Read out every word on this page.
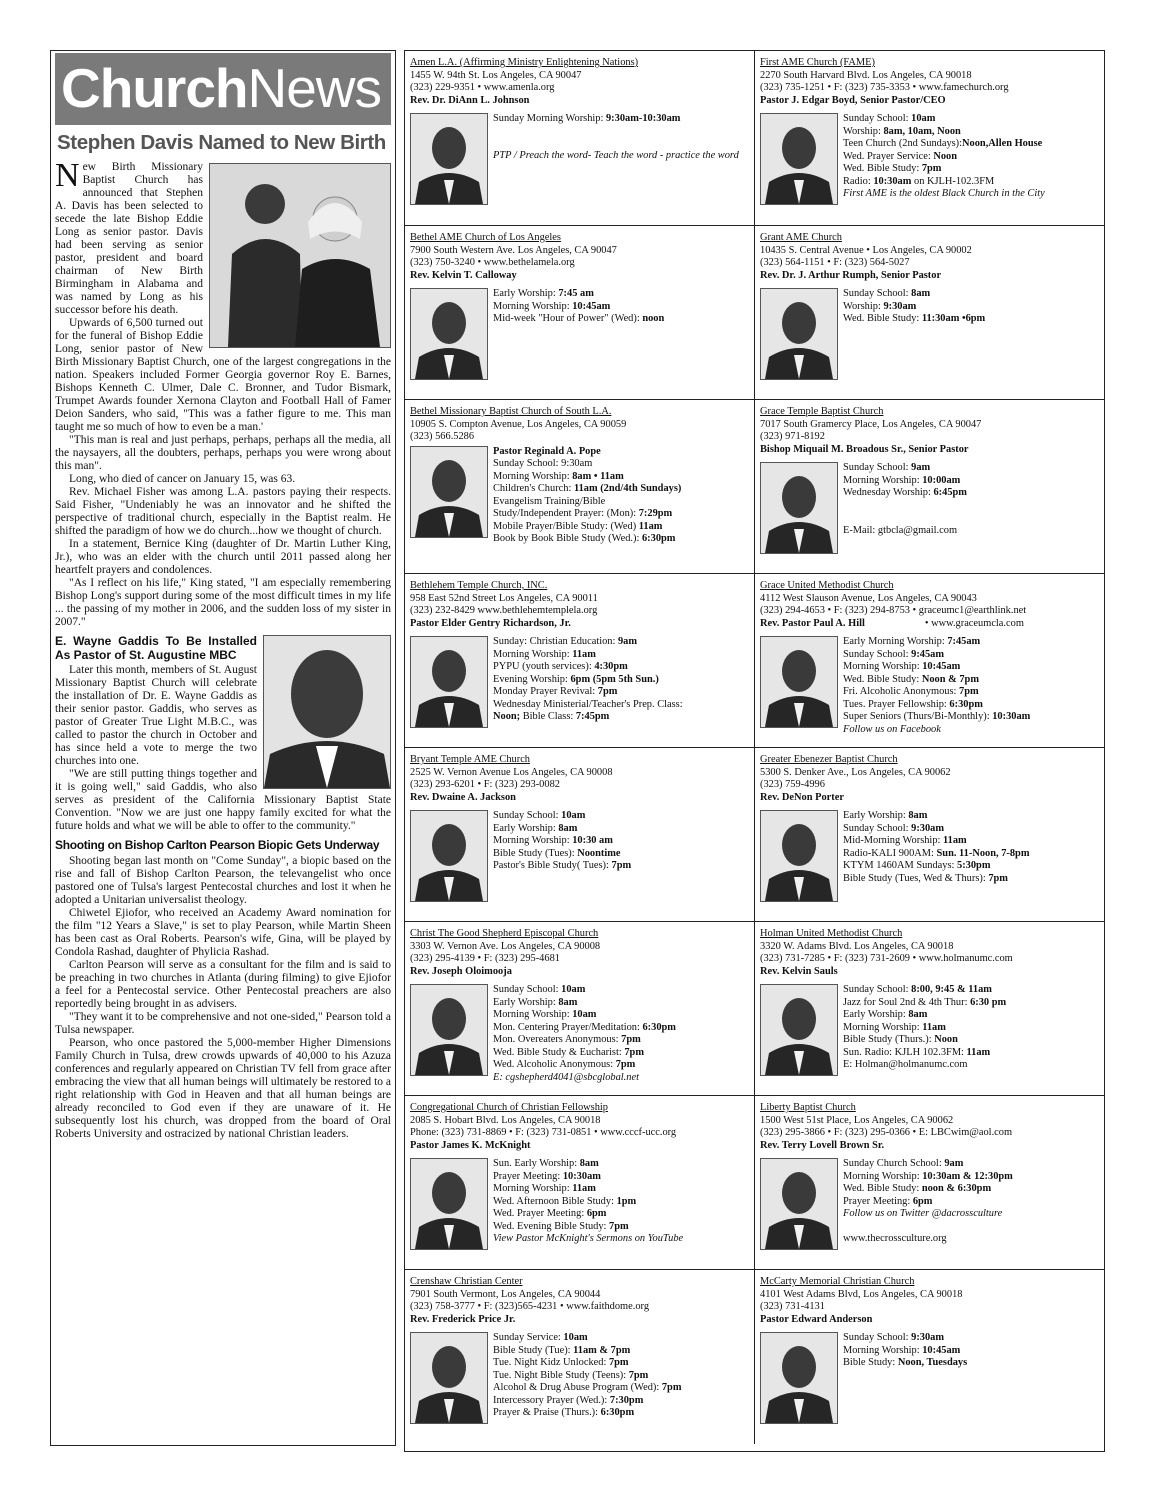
ChurchNews
Stephen Davis Named to New Birth

New Birth Missionary Baptist Church has announced that Stephen A. Davis has been selected to secede the late Bishop Eddie Long as senior pastor. Davis had been serving as senior pastor, president and board chairman of New Birth Birmingham in Alabama and was named by Long as his successor before his death.

Upwards of 6,500 turned out for the funeral of Bishop Eddie Long, senior pastor of New Birth Missionary Baptist Church, one of the largest congregations in the nation. Speakers included Former Georgia governor Roy E. Barnes, Bishops Kenneth C. Ulmer, Dale C. Bronner, and Tudor Bismark, Trumpet Awards founder Xernona Clayton and Football Hall of Famer Deion Sanders, who said, "This was a father figure to me. This man taught me so much of how to even be a man.'

"This man is real and just perhaps, perhaps, perhaps all the media, all the naysayers, all the doubters, perhaps, perhaps you were wrong about this man".

Long, who died of cancer on January 15, was 63.

Rev. Michael Fisher was among L.A. pastors paying their respects. Said Fisher, "Undeniably he was an innovator and he shifted the perspective of traditional church, especially in the Baptist realm. He shifted the paradigm of how we do church...how we thought of church.

In a statement, Bernice King (daughter of Dr. Martin Luther King, Jr.), who was an elder with the church until 2011 passed along her heartfelt prayers and condolences.

"As I reflect on his life," King stated, "I am especially remembering Bishop Long's support during some of the most difficult times in my life ... the passing of my mother in 2006, and the sudden loss of my sister in 2007."

E. Wayne Gaddis To Be Installed As Pastor of St. Augustine MBC

Later this month, members of St. August Missionary Baptist Church will celebrate the installation of Dr. E. Wayne Gaddis as their senior pastor. Gaddis, who serves as pastor of Greater True Light M.B.C., was called to pastor the church in October and has since held a vote to merge the two churches into one.

"We are still putting things together and it is going well," said Gaddis, who also serves as president of the California Missionary Baptist State Convention. "Now we are just one happy family excited for what the future holds and what we will be able to offer to the community."

Shooting on Bishop Carlton Pearson Biopic Gets Underway

Shooting began last month on "Come Sunday", a biopic based on the rise and fall of Bishop Carlton Pearson, the televangelist who once pastored one of Tulsa's largest Pentecostal churches and lost it when he adopted a Unitarian universalist theology.

Chiwetel Ejiofor, who received an Academy Award nomination for the film "12 Years a Slave," is set to play Pearson, while Martin Sheen has been cast as Oral Roberts. Pearson's wife, Gina, will be played by Condola Rashad, daughter of Phylicia Rashad.

Carlton Pearson will serve as a consultant for the film and is said to be preaching in two churches in Atlanta (during filming) to give Ejiofor a feel for a Pentecostal service. Other Pentecostal preachers are also reportedly being brought in as advisers.

"They want it to be comprehensive and not one-sided," Pearson told a Tulsa newspaper.

Pearson, who once pastored the 5,000-member Higher Dimensions Family Church in Tulsa, drew crowds upwards of 40,000 to his Azuza conferences and regularly appeared on Christian TV fell from grace after embracing the view that all human beings will ultimately be restored to a right relationship with God in Heaven and that all human beings are already reconciled to God even if they are unaware of it. He subsequently lost his church, was dropped from the board of Oral Roberts University and ostracized by national Christian leaders.

Amen L.A. (Affirming Ministry Enlightening Nations)
1455 W. 94th St. Los Angeles, CA 90047
(323) 229-9351 • www.amenla.org
Rev. Dr. DiAnn L. Johnson
Sunday Morning Worship: 9:30am-10:30am

PTP / Preach the word- Teach the word - practice the word
First AME Church (FAME)
2270 South Harvard Blvd. Los Angeles, CA 90018
(323) 735-1251 • F: (323) 735-3353 • www.famechurch.org
Pastor J. Edgar Boyd, Senior Pastor/CEO
Sunday School: 10am
Worship: 8am, 10am, Noon
Teen Church (2nd Sundays):Noon,Allen House
Wed. Prayer Service: Noon
Wed. Bible Study: 7pm
Radio: 10:30am on KJLH-102.3FM
First AME is the oldest Black Church in the City
Bethel AME Church of Los Angeles
7900 South Western Ave. Los Angeles, CA 90047
(323) 750-3240 • www.bethelamela.org
Rev. Kelvin T. Calloway
Early Worship: 7:45 am
Morning Worship: 10:45am
Mid-week "Hour of Power" (Wed): noon
Grant AME Church
10435 S. Central Avenue • Los Angeles, CA 90002
(323) 564-1151 • F: (323) 564-5027
Rev. Dr. J. Arthur Rumph, Senior Pastor
Sunday School: 8am
Worship: 9:30am
Wed. Bible Study: 11:30am •6pm
Bethel Missionary Baptist Church of South L.A.
10905 S. Compton Avenue, Los Angeles, CA 90059
(323) 566.5286
Pastor Reginald A. Pope
Sunday School: 9:30am
Morning Worship: 8am • 11am
Children's Church: 11am (2nd/4th Sundays)
Evangelism Training/Bible
Study/Independent Prayer: (Mon): 7:29pm
Mobile Prayer/Bible Study: (Wed) 11am
Book by Book Bible Study (Wed.): 6:30pm
Grace Temple Baptist Church
7017 South Gramercy Place, Los Angeles, CA 90047
(323) 971-8192
Bishop Miquail M. Broadous Sr., Senior Pastor
Sunday School: 9am
Morning Worship: 10:00am
Wednesday Worship: 6:45pm

E-Mail: gtbcla@gmail.com
Bethlehem Temple Church, INC.
958 East 52nd Street Los Angeles, CA 90011
(323) 232-8429 www.bethlehemtemplela.org
Pastor Elder Gentry Richardson, Jr.
Sunday: Christian Education: 9am
Morning Worship: 11am
PYPU (youth services): 4:30pm
Evening Worship: 6pm (5pm 5th Sun.)
Monday Prayer Revival: 7pm
Wednesday Ministerial/Teacher's Prep. Class:
Noon; Bible Class: 7:45pm
Grace United Methodist Church
4112 West Slauson Avenue, Los Angeles, CA 90043
(323) 294-4653 • F: (323) 294-8753 • graceumc1@earthlink.net
Rev. Pastor Paul A. Hill	• www.graceumcla.com
Early Morning Worship: 7:45am
Sunday School: 9:45am
Morning Worship: 10:45am
Wed. Bible Study: Noon & 7pm
Fri. Alcoholic Anonymous: 7pm
Tues. Prayer Fellowship: 6:30pm
Super Seniors (Thurs/Bi-Monthly): 10:30am
Follow us on Facebook
Bryant Temple AME Church
2525 W. Vernon Avenue Los Angeles, CA 90008
(323) 293-6201 • F: (323) 293-0082
Rev. Dwaine A. Jackson
Sunday School: 10am
Early Worship: 8am
Morning Worship: 10:30 am
Bible Study (Tues): Noontime
Pastor's Bible Study( Tues): 7pm
Greater Ebenezer Baptist Church
5300 S. Denker Ave., Los Angeles, CA 90062
(323) 759-4996
Rev. DeNon Porter
Early Worship: 8am
Sunday School: 9:30am
Mid-Morning Worship: 11am
Radio-KALI 900AM: Sun. 11-Noon, 7-8pm
KTYM 1460AM Sundays: 5:30pm
Bible Study (Tues, Wed & Thurs): 7pm
Christ The Good Shepherd Episcopal Church
3303 W. Vernon Ave. Los Angeles, CA 90008
(323) 295-4139 • F: (323) 295-4681
Rev. Joseph Oloimooja
Sunday School: 10am
Early Worship: 8am
Morning Worship: 10am
Mon. Centering Prayer/Meditation: 6:30pm
Mon. Overeaters Anonymous: 7pm
Wed. Bible Study & Eucharist: 7pm
Wed. Alcoholic Anonymous: 7pm
E: cgshepherd4041@sbcglobal.net
Holman United Methodist Church
3320 W. Adams Blvd. Los Angeles, CA 90018
(323) 731-7285 • F: (323) 731-2609 • www.holmanumc.com
Rev. Kelvin Sauls
Sunday School: 8:00, 9:45 & 11am
Jazz for Soul 2nd & 4th Thur: 6:30 pm
Early Worship: 8am
Morning Worship: 11am
Bible Study (Thurs.): Noon
Sun. Radio: KJLH 102.3FM: 11am
E: Holman@holmanumc.com
Congregational Church of Christian Fellowship
2085 S. Hobart Blvd. Los Angeles, CA 90018
Phone: (323) 731-8869 • F: (323) 731-0851 • www.cccf-ucc.org
Pastor James K. McKnight
Sun. Early Worship: 8am
Prayer Meeting: 10:30am
Morning Worship: 11am
Wed. Afternoon Bible Study: 1pm
Wed. Prayer Meeting: 6pm
Wed. Evening Bible Study: 7pm
View Pastor McKnight's Sermons on YouTube
Liberty Baptist Church
1500 West 51st Place, Los Angeles, CA 90062
(323) 295-3866 • F: (323) 295-0366 • E: LBCwim@aol.com
Rev. Terry Lovell Brown Sr.
Sunday Church School: 9am
Morning Worship: 10:30am & 12:30pm
Wed. Bible Study: noon & 6:30pm
Prayer Meeting: 6pm
Follow us on Twitter @dacrossculture
www.thecrossculture.org
Crenshaw Christian Center
7901 South Vermont, Los Angeles, CA 90044
(323) 758-3777 • F: (323)565-4231 • www.faithdome.org
Rev. Frederick Price Jr.
Sunday Service: 10am
Bible Study (Tue): 11am & 7pm
Tue. Night Kidz Unlocked: 7pm
Tue. Night Bible Study (Teens): 7pm
Alcohol & Drug Abuse Program (Wed): 7pm
Intercessory Prayer (Wed.): 7:30pm
Prayer & Praise (Thurs.): 6:30pm
McCarty Memorial Christian Church
4101 West Adams Blvd, Los Angeles, CA 90018
(323) 731-4131
Pastor Edward Anderson
Sunday School: 9:30am
Morning Worship: 10:45am
Bible Study: Noon, Tuesdays
